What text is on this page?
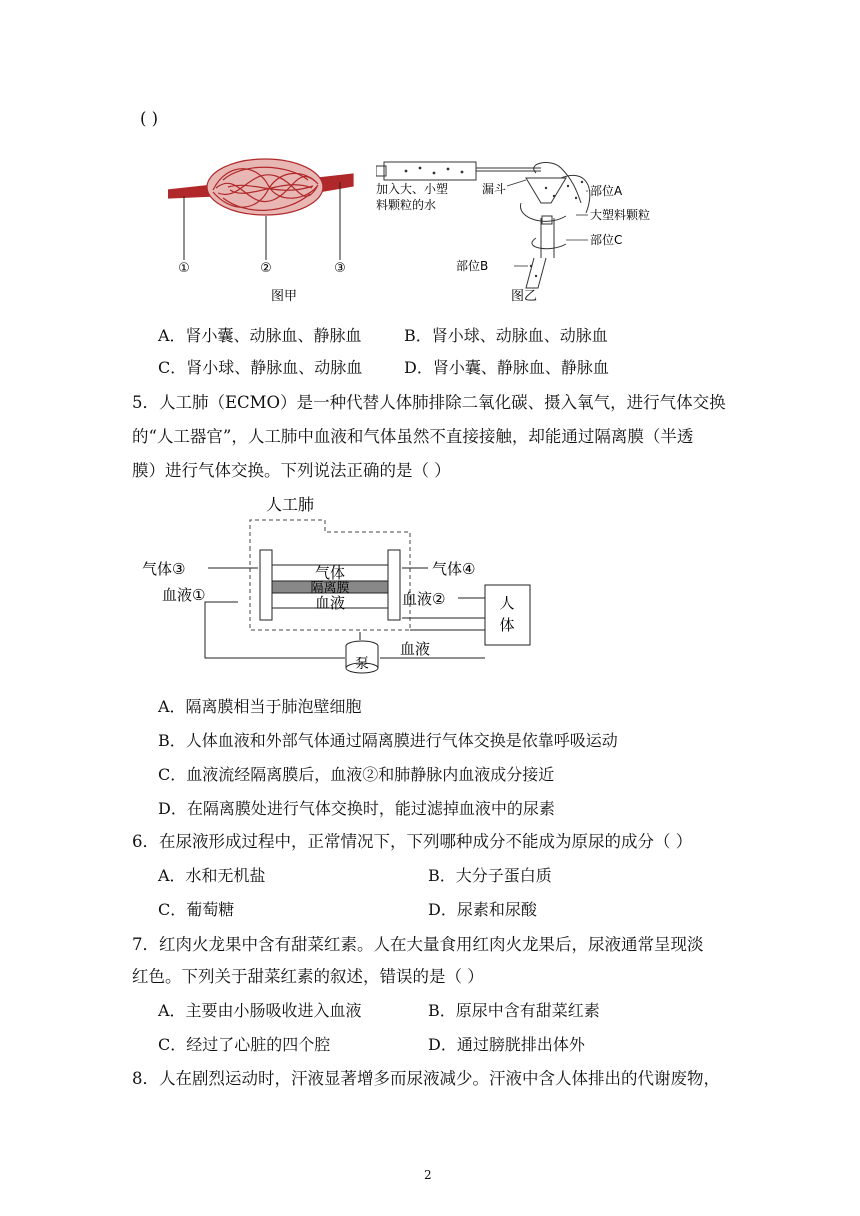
( )
①	②	③
图甲
加入大、小塑
料颗粒的水
漏斗	部位A
大塑料颗粒
部位C
部位B
图乙
A．肾小囊、动脉血、静脉血	B．肾小球、动脉血、动脉血
C．肾小球、静脉血、动脉血	D．肾小囊、静脉血、静脉血
5．人工肺（ECMO）是一种代替人体肺排除二氧化碳、摄入氧气，进行气体交换
的“人工器官”，人工肺中血液和气体虽然不直接接触，却能通过隔离膜（半透
膜）进行气体交换。下列说法正确的是（ ）
人工肺
气体
隔离膜
血液
气体③
血液①
气体④
血液②	人
体
泵
血液
A．隔离膜相当于肺泡壁细胞
B．人体血液和外部气体通过隔离膜进行气体交换是依靠呼吸运动
C．血液流经隔离膜后，血液②和肺静脉内血液成分接近
D．在隔离膜处进行气体交换时，能过滤掉血液中的尿素
6．在尿液形成过程中，正常情况下，下列哪种成分不能成为原尿的成分（ ）
A．水和无机盐	B．大分子蛋白质
C．葡萄糖	D．尿素和尿酸
7．红肉火龙果中含有甜菜红素。人在大量食用红肉火龙果后，尿液通常呈现淡
红色。下列关于甜菜红素的叙述，错误的是（ ）
A．主要由小肠吸收进入血液	B．原尿中含有甜菜红素
C．经过了心脏的四个腔	D．通过膀胱排出体外
8．人在剧烈运动时，汗液显著增多而尿液减少。汗液中含人体排出的代谢废物，
2
